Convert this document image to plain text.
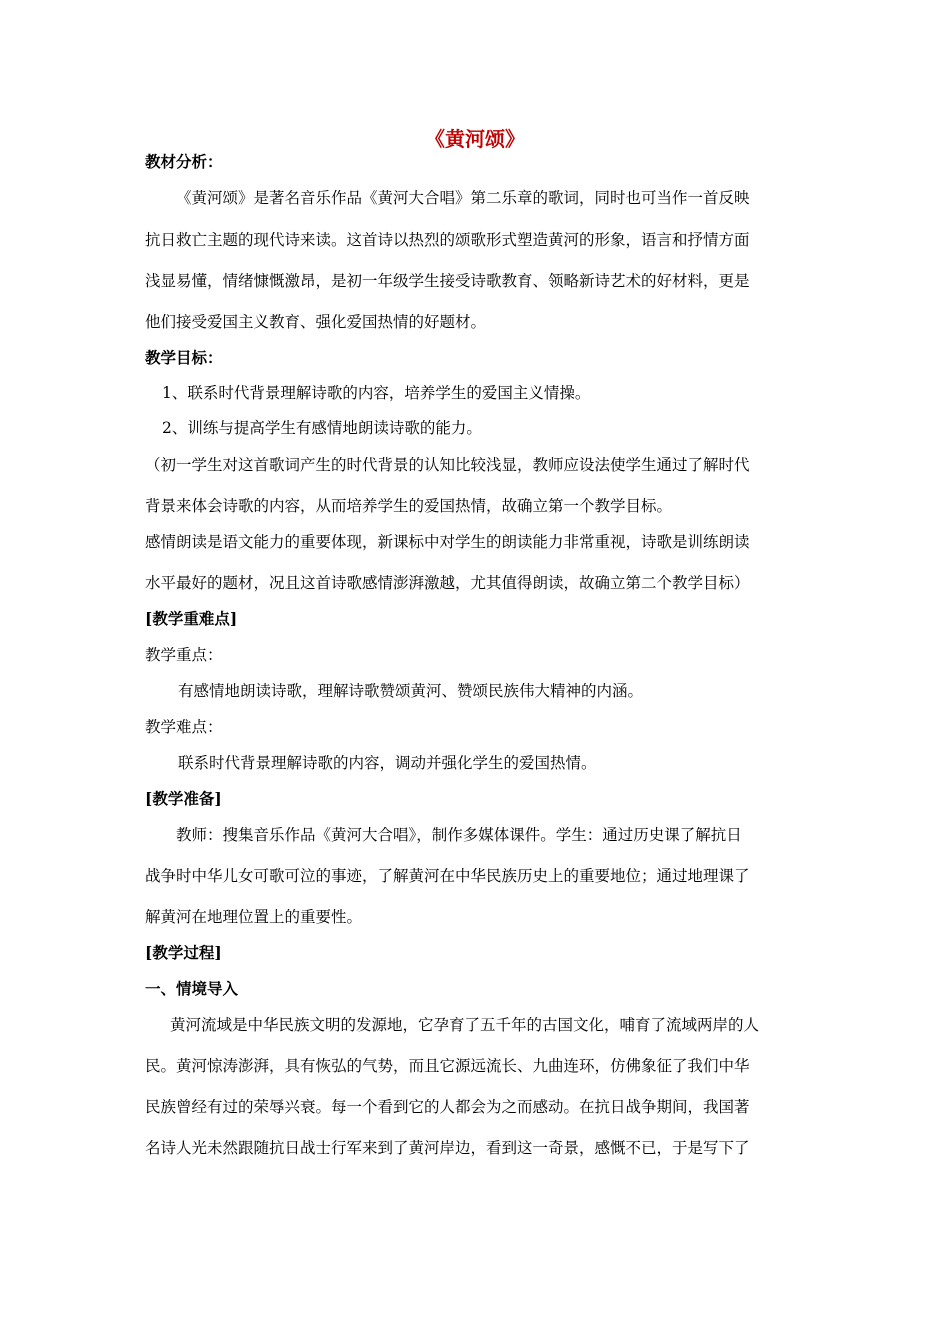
《黄河颂》
教材分析：
《黄河颂》是著名音乐作品《黄河大合唱》第二乐章的歌词，同时也可当作一首反映
抗日救亡主题的现代诗来读。这首诗以热烈的颂歌形式塑造黄河的形象，语言和抒情方面
浅显易懂，情绪慷慨激昂，是初一年级学生接受诗歌教育、领略新诗艺术的好材料，更是
他们接受爱国主义教育、强化爱国热情的好题材。
教学目标：
1、联系时代背景理解诗歌的内容，培养学生的爱国主义情操。
2、训练与提高学生有感情地朗读诗歌的能力。
（初一学生对这首歌词产生的时代背景的认知比较浅显，教师应设法使学生通过了解时代
背景来体会诗歌的内容，从而培养学生的爱国热情，故确立第一个教学目标。
感情朗读是语文能力的重要体现，新课标中对学生的朗读能力非常重视，诗歌是训练朗读
水平最好的题材，况且这首诗歌感情澎湃激越，尤其值得朗读，故确立第二个教学目标）
[教学重难点]
教学重点：
有感情地朗读诗歌，理解诗歌赞颂黄河、赞颂民族伟大精神的内涵。
教学难点：
联系时代背景理解诗歌的内容，调动并强化学生的爱国热情。
[教学准备]
教师：搜集音乐作品《黄河大合唱》，制作多媒体课件。学生：通过历史课了解抗日
战争时中华儿女可歌可泣的事迹，了解黄河在中华民族历史上的重要地位；通过地理课了
解黄河在地理位置上的重要性。
[教学过程]
一、情境导入
黄河流域是中华民族文明的发源地，它孕育了五千年的古国文化，哺育了流域两岸的人
民。黄河惊涛澎湃，具有恢弘的气势，而且它源远流长、九曲连环，仿佛象征了我们中华
民族曾经有过的荣辱兴衰。每一个看到它的人都会为之而感动。在抗日战争期间，我国著
名诗人光未然跟随抗日战士行军来到了黄河岸边，看到这一奇景，感慨不已，于是写下了
